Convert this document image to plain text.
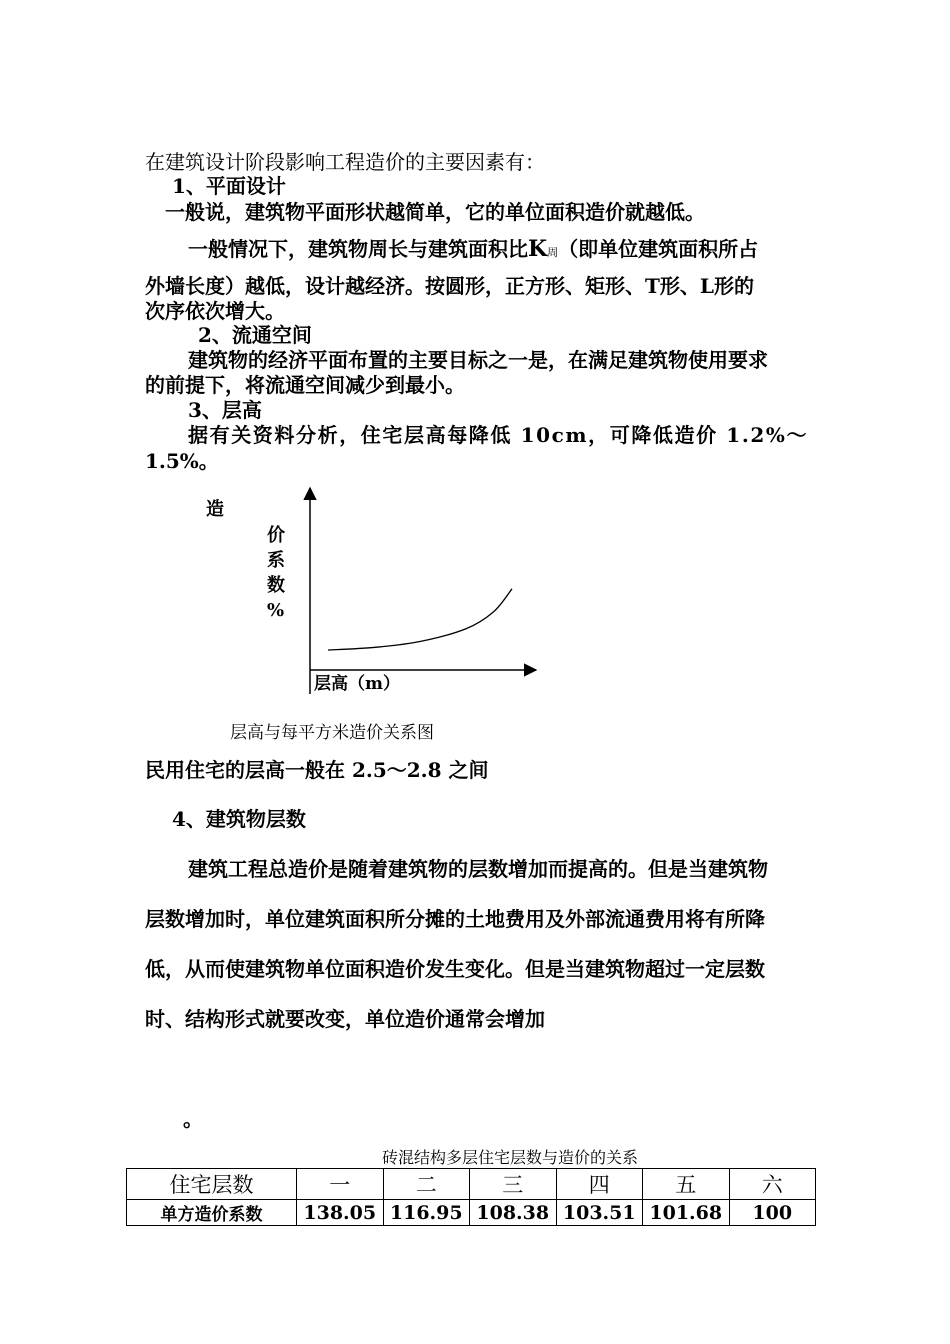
在建筑设计阶段影响工程造价的主要因素有：
1、平面设计
一般说，建筑物平面形状越简单，它的单位面积造价就越低。
一般情况下，建筑物周长与建筑面积比K周（即单位建筑面积所占
外墙长度）越低，设计越经济。按圆形，正方形、矩形、T形、L形的
次序依次增大。
2、流通空间
建筑物的经济平面布置的主要目标之一是，在满足建筑物使用要求
的前提下，将流通空间减少到最小。
3、层高
据有关资料分析，住宅层高每降低 10cm，可降低造价 1.2%～
1.5%。
造
价
系
数
%
层高（m）
层高与每平方米造价关系图
民用住宅的层高一般在 2.5～2.8 之间
4、建筑物层数
建筑工程总造价是随着建筑物的层数增加而提高的。但是当建筑物
层数增加时，单位建筑面积所分摊的土地费用及外部流通费用将有所降
低，从而使建筑物单位面积造价发生变化。但是当建筑物超过一定层数
时、结构形式就要改变，单位造价通常会增加
。
砖混结构多层住宅层数与造价的关系
住宅层数	一	二	三	四	五	六
单方造价系数	138.05	116.95	108.38	103.51	101.68	100
